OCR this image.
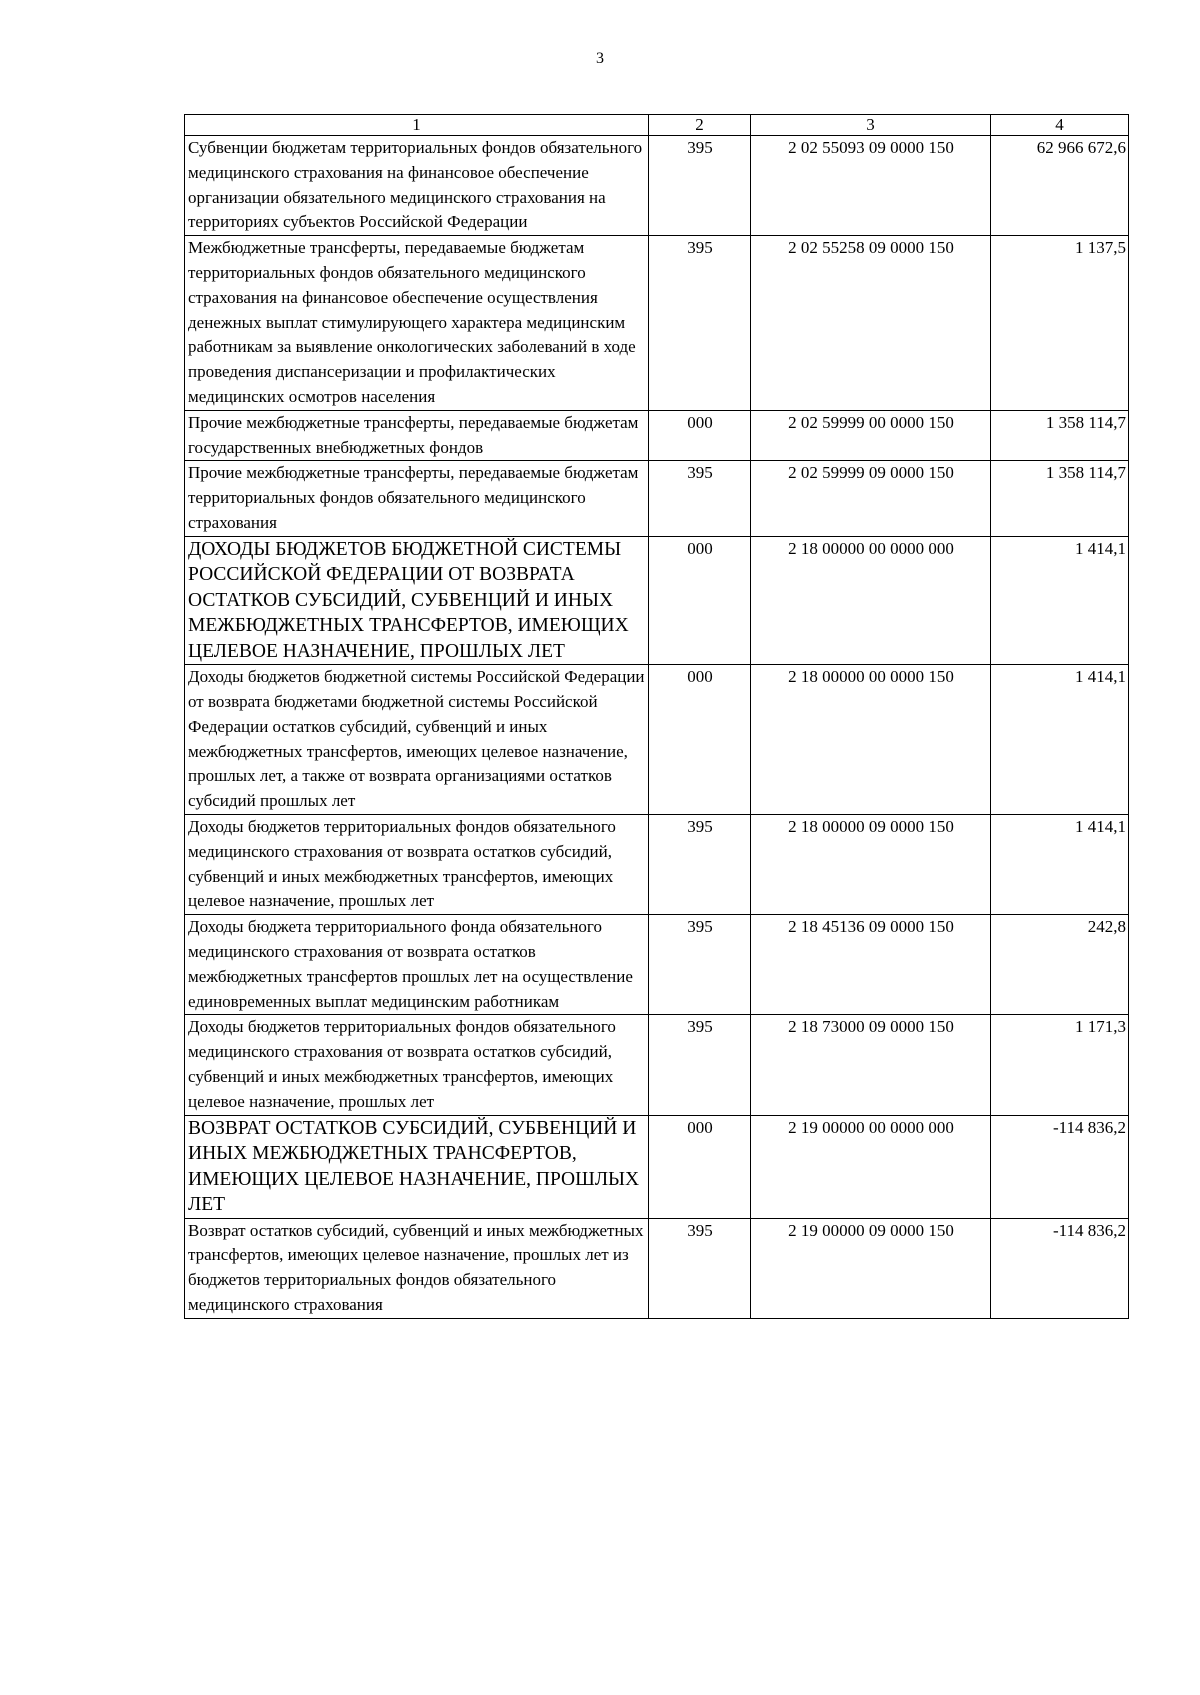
3
1	2	3	4
Субвенции бюджетам территориальных фондов обязательного медицинского страхования на финансовое обеспечение организации обязательного медицинского страхования на территориях субъектов Российской Федерации	395	2 02 55093 09 0000 150	62 966 672,6
Межбюджетные трансферты, передаваемые бюджетам территориальных фондов обязательного медицинского страхования на финансовое обеспечение осуществления денежных выплат стимулирующего характера медицинским работникам за выявление онкологических заболеваний в ходе проведения диспансеризации и профилактических медицинских осмотров населения	395	2 02 55258 09 0000 150	1 137,5
Прочие межбюджетные трансферты, передаваемые бюджетам государственных внебюджетных фондов	000	2 02 59999 00 0000 150	1 358 114,7
Прочие межбюджетные трансферты, передаваемые бюджетам территориальных фондов обязательного медицинского страхования	395	2 02 59999 09 0000 150	1 358 114,7
ДОХОДЫ БЮДЖЕТОВ БЮДЖЕТНОЙ СИСТЕМЫ РОССИЙСКОЙ ФЕДЕРАЦИИ ОТ ВОЗВРАТА ОСТАТКОВ СУБСИДИЙ, СУБВЕНЦИЙ И ИНЫХ МЕЖБЮДЖЕТНЫХ ТРАНСФЕРТОВ, ИМЕЮЩИХ ЦЕЛЕВОЕ НАЗНАЧЕНИЕ, ПРОШЛЫХ ЛЕТ	000	2 18 00000 00 0000 000	1 414,1
Доходы бюджетов бюджетной системы Российской Федерации от возврата бюджетами бюджетной системы Российской Федерации остатков субсидий, субвенций и иных межбюджетных трансфертов, имеющих целевое назначение, прошлых лет, а также от возврата организациями остатков субсидий прошлых лет	000	2 18 00000 00 0000 150	1 414,1
Доходы бюджетов территориальных фондов обязательного медицинского страхования от возврата остатков субсидий, субвенций и иных межбюджетных трансфертов, имеющих целевое назначение, прошлых лет	395	2 18 00000 09 0000 150	1 414,1
Доходы бюджета территориального фонда обязательного медицинского страхования от возврата остатков межбюджетных трансфертов прошлых лет на осуществление единовременных выплат медицинским работникам	395	2 18 45136 09 0000 150	242,8
Доходы бюджетов территориальных фондов обязательного медицинского страхования от возврата остатков субсидий, субвенций и иных межбюджетных трансфертов, имеющих целевое назначение, прошлых лет	395	2 18 73000 09 0000 150	1 171,3
ВОЗВРАТ ОСТАТКОВ СУБСИДИЙ, СУБВЕНЦИЙ И ИНЫХ МЕЖБЮДЖЕТНЫХ ТРАНСФЕРТОВ, ИМЕЮЩИХ ЦЕЛЕВОЕ НАЗНАЧЕНИЕ, ПРОШЛЫХ ЛЕТ	000	2 19 00000 00 0000 000	-114 836,2
Возврат остатков субсидий, субвенций и иных межбюджетных трансфертов, имеющих целевое назначение, прошлых лет из бюджетов территориальных фондов обязательного медицинского страхования	395	2 19 00000 09 0000 150	-114 836,2
